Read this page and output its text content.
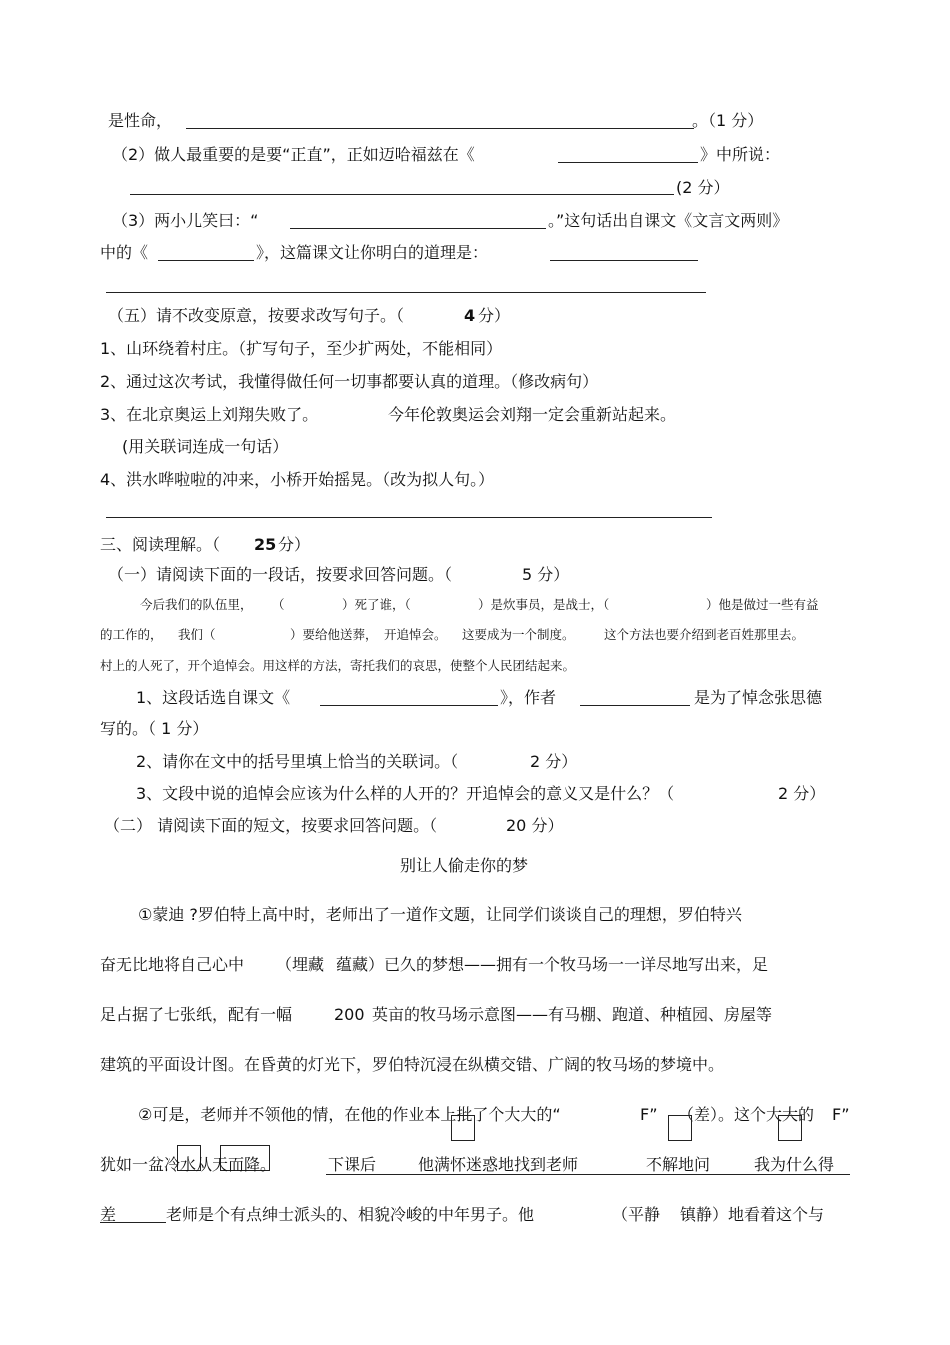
是性命，	。（1 分）
（2）做人最重要的是要“正直”，正如迈哈福兹在《	》中所说：
(2 分）
（3）两小儿笑曰：“	。”这句话出自课文《文言文两则》
中的《	》，这篇课文让你明白的道理是：
（五）请不改变原意，按要求改写句子。（	4 分）
1、山环绕着村庄。（扩写句子，至少扩两处，不能相同）
2、通过这次考试，我懂得做任何一切事都要认真的道理。（修改病句）
3、在北京奥运上刘翔失败了。	今年伦敦奥运会刘翔一定会重新站起来。
(用关联词连成一句话）
4、洪水哗啦啦的冲来，小桥开始摇晃。（改为拟人句。）
三、阅读理解。（ 25 分）
（一）请阅读下面的一段话，按要求回答问题。（	5 分）
今后我们的队伍里， （	）死了谁，（	）是炊事员，是战士，（	）他是做过一些有益
的工作的， 我们（	）要给他送葬， 开追悼会。 这要成为一个制度。 这个方法也要介绍到老百姓那里去。
村上的人死了，开个追悼会。用这样的方法，寄托我们的哀思，使整个人民团结起来。
1、这段话选自课文《	》，作者	是为了悼念张思德
写的。（ 1 分）
2、请你在文中的括号里填上恰当的关联词。（	2 分）
3、文段中说的追悼会应该为什么样的人开的？开追悼会的意义又是什么？（	2 分）
（二） 请阅读下面的短文，按要求回答问题。（	20 分）
别让人偷走你的梦
①蒙迪 ?罗伯特上高中时，老师出了一道作文题，让同学们谈谈自己的理想，罗伯特兴
奋无比地将自己心中 （埋藏 蕴藏）已久的梦想——拥有一个牧马场一一详尽地写出来，足
足占据了七张纸，配有一幅	200 英亩的牧马场示意图——有马棚、跑道、种植园、房屋等
建筑的平面设计图。在昏黄的灯光下，罗伯特沉浸在纵横交错、广阔的牧马场的梦境中。
②可是，老师并不领他的情，在他的作业本上批了个大大的“	F” （差）。这个大大的 F”
犹如一盆冷水从天而降。	下课后	他满怀迷惑地找到老师	不解地问	我为什么得
差	老师是个有点绅士派头的、相貌冷峻的中年男子。他	（平静 镇静）地看着这个与
